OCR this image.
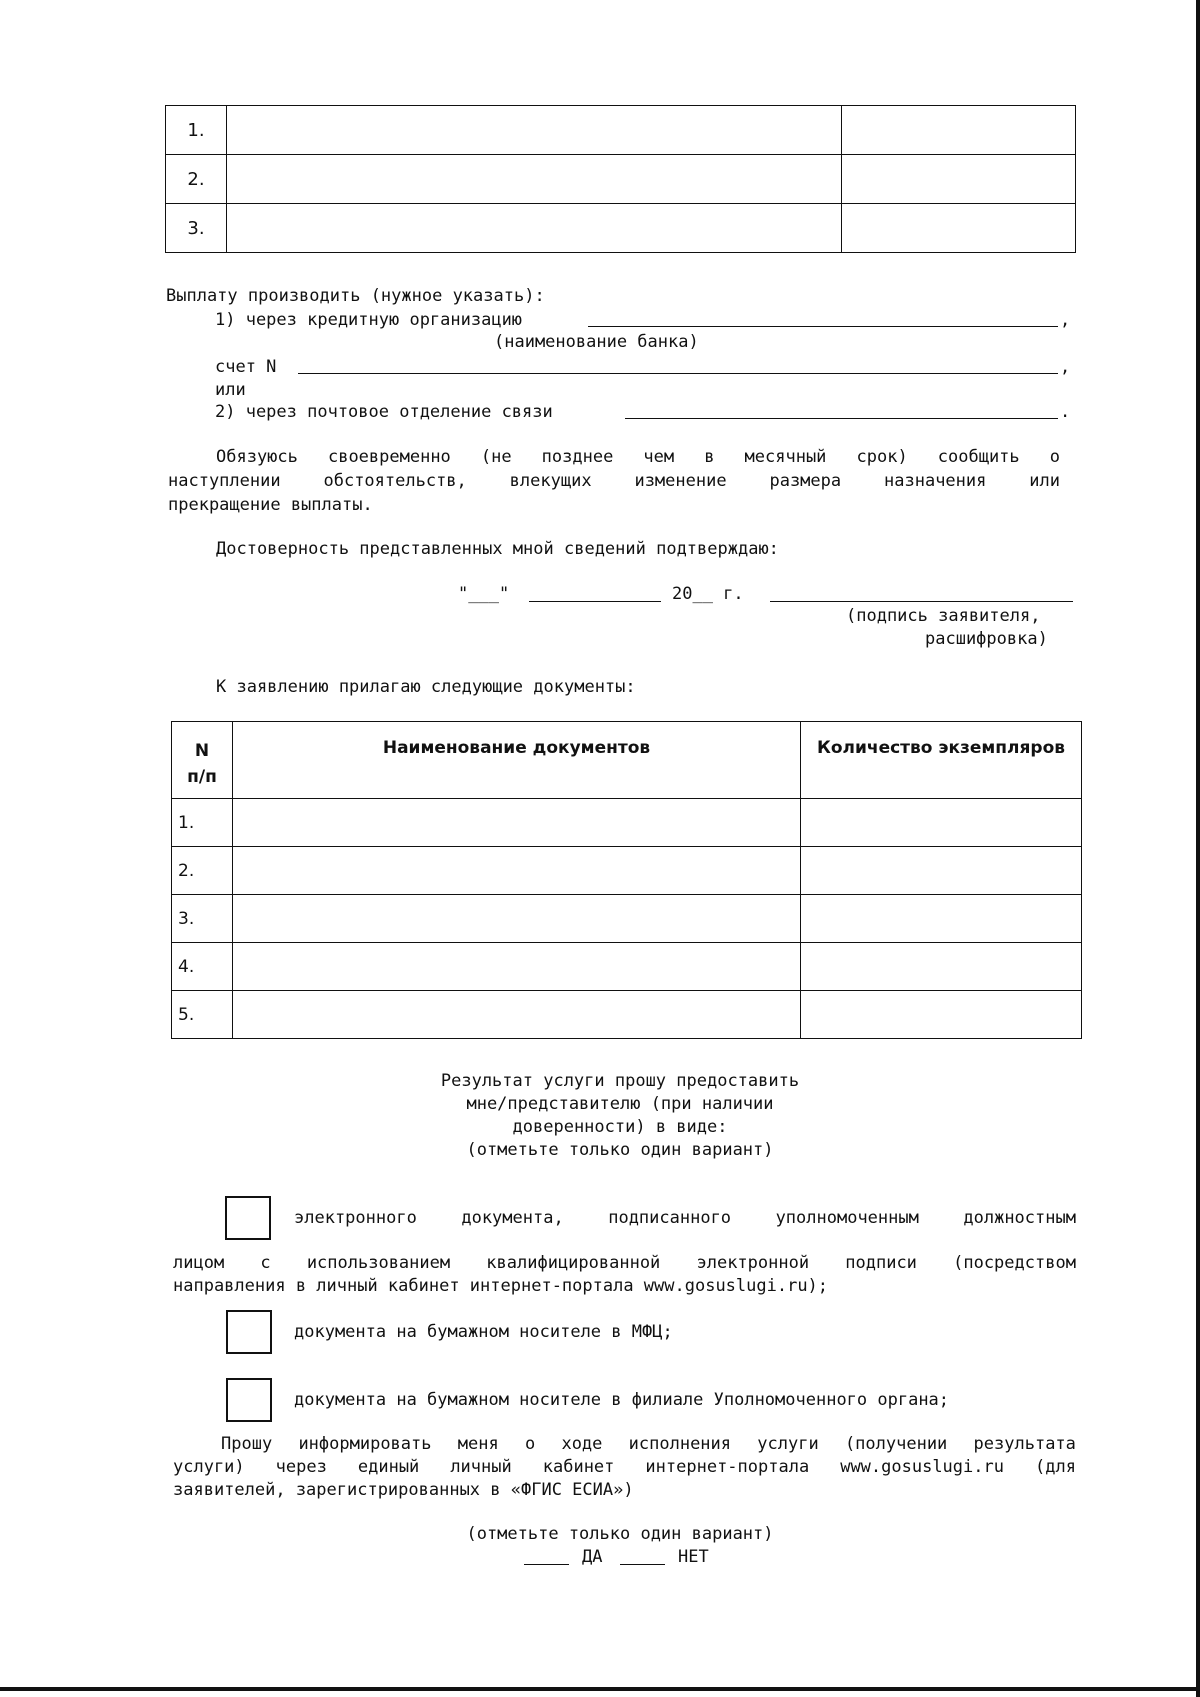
1.		
2.		
3.		
Выплату производить (нужное указать):
1) через кредитную организацию	,
(наименование банка)
счет N	,
или
2) через почтовое отделение связи	.
Обязуюсь своевременно (не позднее чем в месячный срок) сообщить о
наступлении	обстоятельств,	влекущих	изменение	размера	назначения	или
прекращение выплаты.
Достоверность представленных мной сведений подтверждаю:
"___"	20__ г.
(подпись заявителя,
расшифровка)
К заявлению прилагаю следующие документы:
N
п/п	Наименование документов	Количество экземпляров
1.		
2.		
3.		
4.		
5.		
Результат услуги прошу предоставить
мне/представителю (при наличии
доверенности) в виде:
(отметьте только один вариант)
электронного	документа,	подписанного	уполномоченным	должностным
лицом с использованием квалифицированной электронной подписи (посредством
направления в личный кабинет интернет-портала www.gosuslugi.ru);
документа на бумажном носителе в МФЦ;
документа на бумажном носителе в филиале Уполномоченного органа;
Прошу информировать меня о ходе исполнения услуги (получении результата
услуги) через единый личный кабинет интернет-портала www.gosuslugi.ru (для
заявителей, зарегистрированных в «ФГИС ЕСИА»)
(отметьте только один вариант)
ДА	НЕТ
